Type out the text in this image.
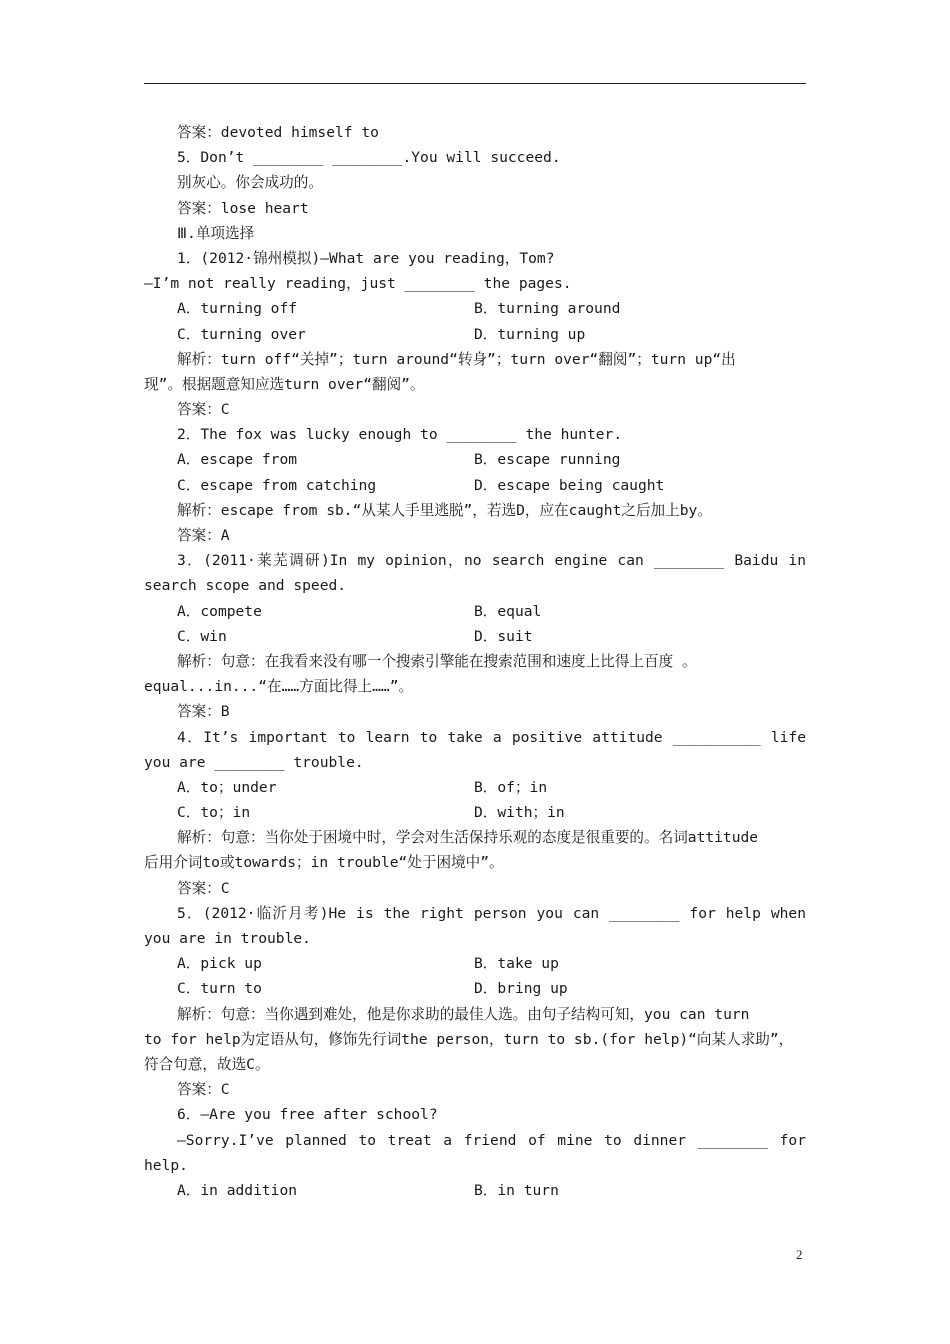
答案：devoted himself to
5．Don’t ________ ________.You will succeed.
别灰心。你会成功的。
答案：lose heart
Ⅲ.单项选择
1．(2012·锦州模拟)—What are you reading，Tom?
—I’m not really reading，just ________ the pages.
A．turning off	B．turning around
C．turning over	D．turning up
解析：turn off“关掉”；turn around“转身”；turn over“翻阅”；turn up“出
现”。根据题意知应选turn over“翻阅”。
答案：C
2．The fox was lucky enough to ________ the hunter.
A．escape from	B．escape running
C．escape from catching	D．escape being caught
解析：escape from sb.“从某人手里逃脱”，若选D，应在caught之后加上by。
答案：A
3．(2011·莱芜调研)In my opinion，no search engine can ________ Baidu in
search scope and speed.
A．compete	B．equal
C．win	D．suit
解析：句意：在我看来没有哪一个搜索引擎能在搜索范围和速度上比得上百度 。
equal...in...“在……方面比得上……”。
答案：B
4．It’s important to learn to take a positive attitude __________ life
you are ________ trouble.
A．to；under	B．of；in
C．to；in	D．with；in
解析：句意：当你处于困境中时，学会对生活保持乐观的态度是很重要的。名词attitude
后用介词to或towards；in trouble“处于困境中”。
答案：C
5．(2012·临沂月考)He is the right person you can ________ for help when
you are in trouble.
A．pick up	B．take up
C．turn to	D．bring up
解析：句意：当你遇到难处，他是你求助的最佳人选。由句子结构可知，you can turn
to for help为定语从句，修饰先行词the person，turn to sb.(for help)“向某人求助”，
符合句意，故选C。
答案：C
6．—Are you free after school?
—Sorry.I’ve planned to treat a friend of mine to dinner ________ for
help.
A．in addition	B．in turn
2
